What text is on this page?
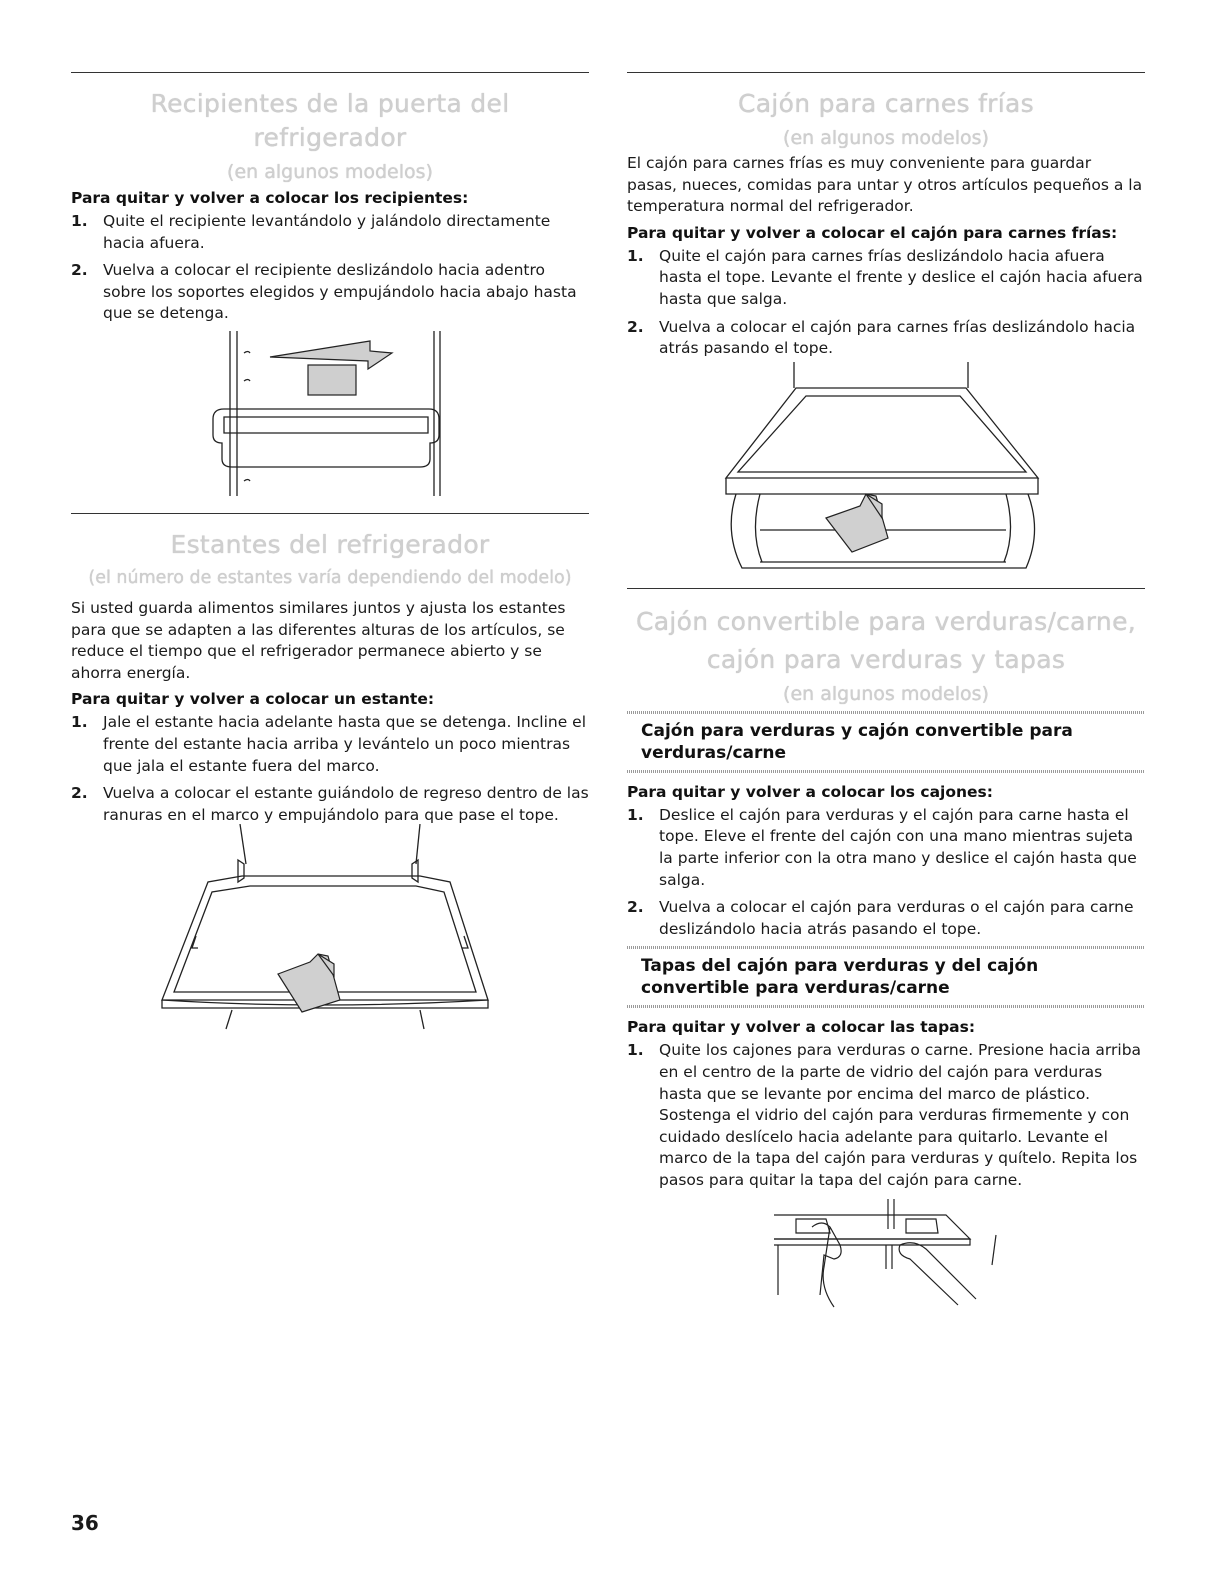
Recipientes de la puerta del refrigerador
(en algunos modelos)
Para quitar y volver a colocar los recipientes:
1. Quite el recipiente levantándolo y jalándolo directamente hacia afuera.
2. Vuelva a colocar el recipiente deslizándolo hacia adentro sobre los soportes elegidos y empujándolo hacia abajo hasta que se detenga.
Estantes del refrigerador
(el número de estantes varía dependiendo del modelo)

Si usted guarda alimentos similares juntos y ajusta los estantes para que se adapten a las diferentes alturas de los artículos, se reduce el tiempo que el refrigerador permanece abierto y se ahorra energía.

Para quitar y volver a colocar un estante:
1. Jale el estante hacia adelante hasta que se detenga. Incline el frente del estante hacia arriba y levántelo un poco mientras que jala el estante fuera del marco.
2. Vuelva a colocar el estante guiándolo de regreso dentro de las ranuras en el marco y empujándolo para que pase el tope.
Cajón para carnes frías
(en algunos modelos)

El cajón para carnes frías es muy conveniente para guardar pasas, nueces, comidas para untar y otros artículos pequeños a la temperatura normal del refrigerador.

Para quitar y volver a colocar el cajón para carnes frías:
1. Quite el cajón para carnes frías deslizándolo hacia afuera hasta el tope. Levante el frente y deslice el cajón hacia afuera hasta que salga.
2. Vuelva a colocar el cajón para carnes frías deslizándolo hacia atrás pasando el tope.
Cajón convertible para verduras/carne,
cajón para verduras y tapas
(en algunos modelos)
Cajón para verduras y cajón convertible para verduras/carne
Para quitar y volver a colocar los cajones:
1. Deslice el cajón para verduras y el cajón para carne hasta el tope. Eleve el frente del cajón con una mano mientras sujeta la parte inferior con la otra mano y deslice el cajón hasta que salga.
2. Vuelva a colocar el cajón para verduras o el cajón para carne deslizándolo hacia atrás pasando el tope.
Tapas del cajón para verduras y del cajón convertible para verduras/carne
Para quitar y volver a colocar las tapas:
1. Quite los cajones para verduras o carne. Presione hacia arriba en el centro de la parte de vidrio del cajón para verduras hasta que se levante por encima del marco de plástico. Sostenga el vidrio del cajón para verduras firmemente y con cuidado deslícelo hacia adelante para quitarlo. Levante el marco de la tapa del cajón para verduras y quítelo. Repita los pasos para quitar la tapa del cajón para carne.
36
